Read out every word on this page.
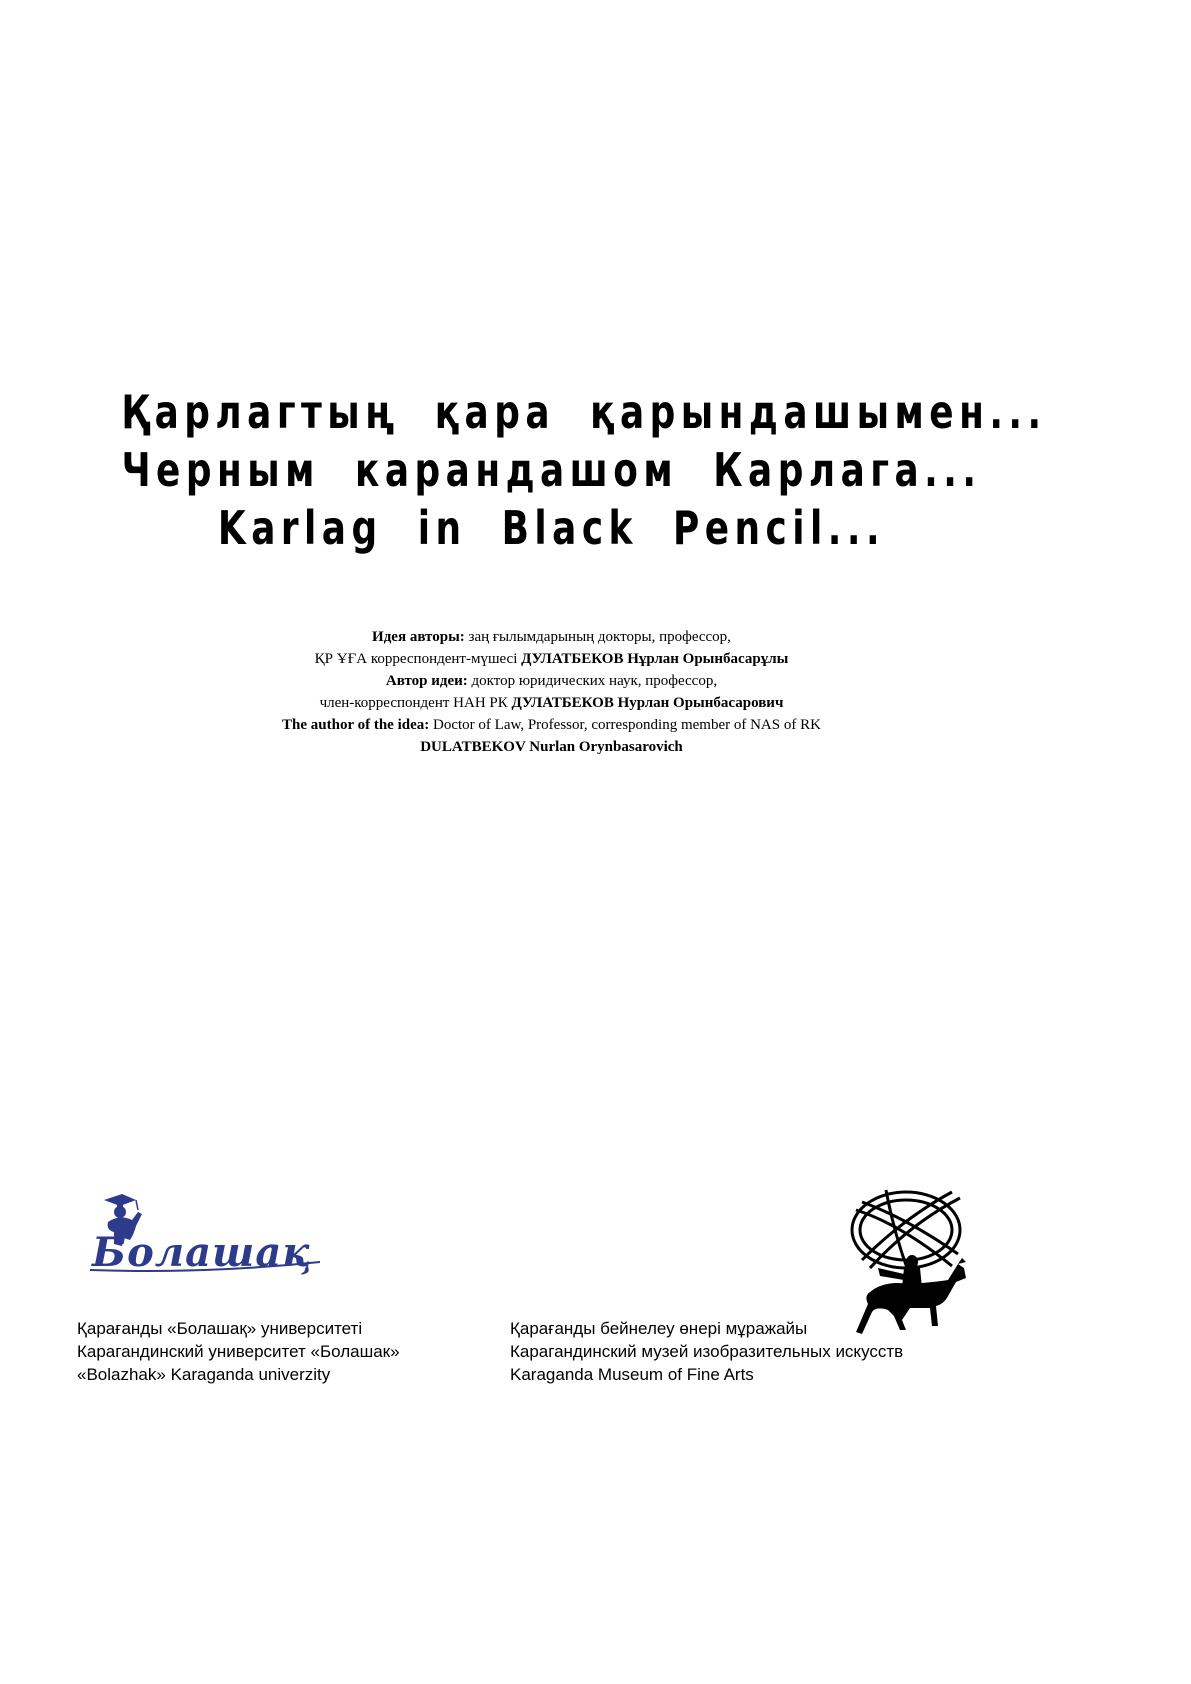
Қарлагтың қара қарындашымен...
Черным карандашом Карлага...
Karlag in Black Pencil...
Идея авторы: заң ғылымдарының докторы, профессор,
ҚР ҰҒА корреспондент-мүшесі ДУЛАТБЕКОВ Нұрлан Орынбасарұлы
Автор идеи: доктор юридических наук, профессор,
член-корреспондент НАН РК ДУЛАТБЕКОВ Нурлан Орынбасарович
The author of the idea: Doctor of Law, Professor, corresponding member of NAS of RK
DULATBEKOV Nurlan Orynbasarovich
Болашақ
Қарағанды «Болашақ» университеті
Карагандинский университет «Болашак»
«Bolazhak» Karaganda univerzity
Қарағанды бейнелеу өнері мұражайы
Карагандинский музей изобразительных искусств
Karaganda Museum of Fine Arts
